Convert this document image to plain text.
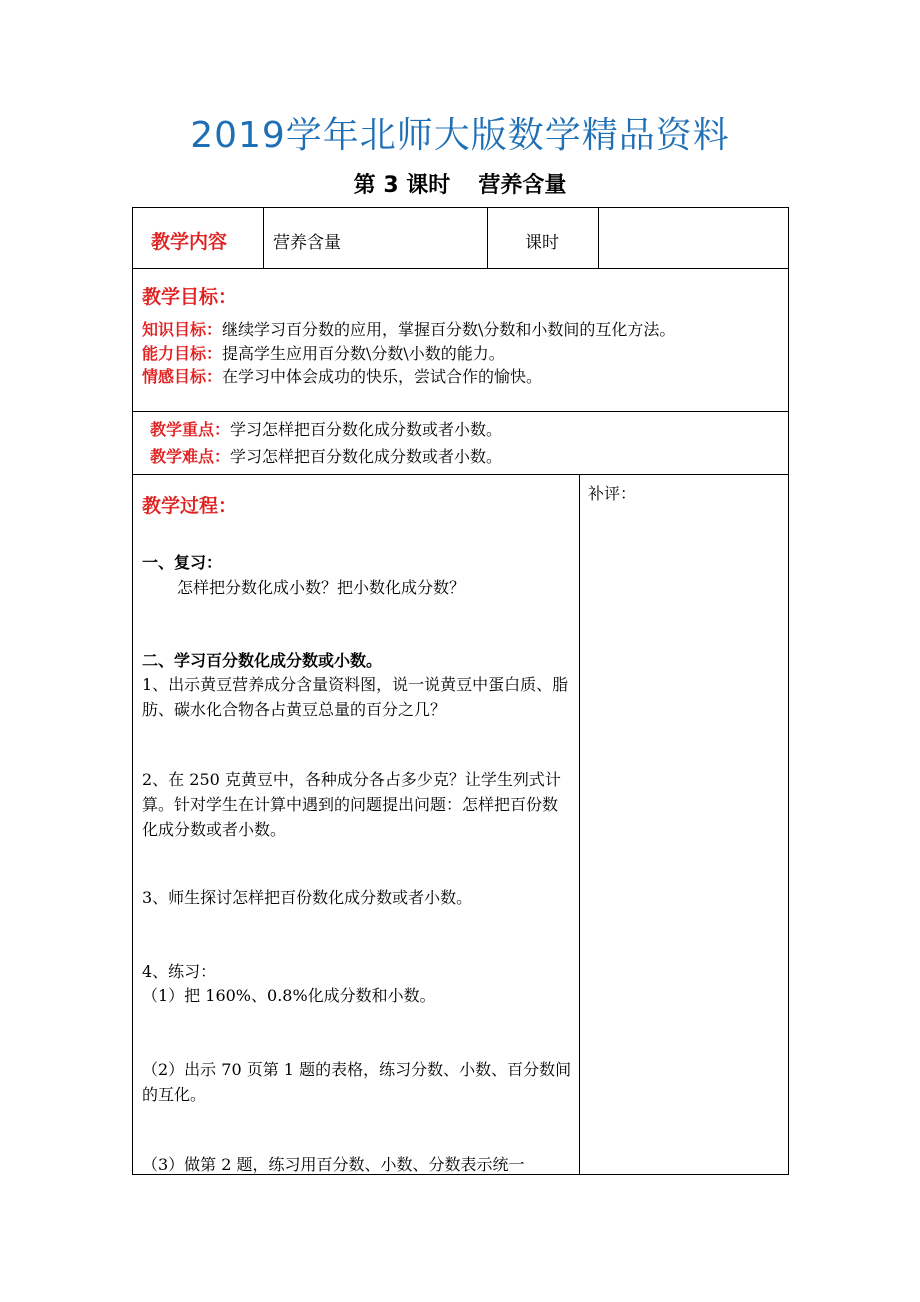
2019学年北师大版数学精品资料
第 3 课时 营养含量
教学内容	营养含量	课时
教学目标：
知识目标：继续学习百分数的应用，掌握百分数\分数和小数间的互化方法。
能力目标：提高学生应用百分数\分数\小数的能力。
情感目标：在学习中体会成功的快乐，尝试合作的愉快。
教学重点：学习怎样把百分数化成分数或者小数。
教学难点：学习怎样把百分数化成分数或者小数。
补评：
教学过程：
一、复习：
怎样把分数化成小数？把小数化成分数？
二、学习百分数化成分数或小数。
1、出示黄豆营养成分含量资料图，说一说黄豆中蛋白质、脂肪、碳水化合物各占黄豆总量的百分之几？
2、在 250 克黄豆中，各种成分各占多少克？让学生列式计算。针对学生在计算中遇到的问题提出问题：怎样把百份数化成分数或者小数。
3、师生探讨怎样把百份数化成分数或者小数。
4、练习：
（1）把 160%、0.8%化成分数和小数。
（2）出示 70 页第 1 题的表格，练习分数、小数、百分数间的互化。
（3）做第 2 题，练习用百分数、小数、分数表示统一
